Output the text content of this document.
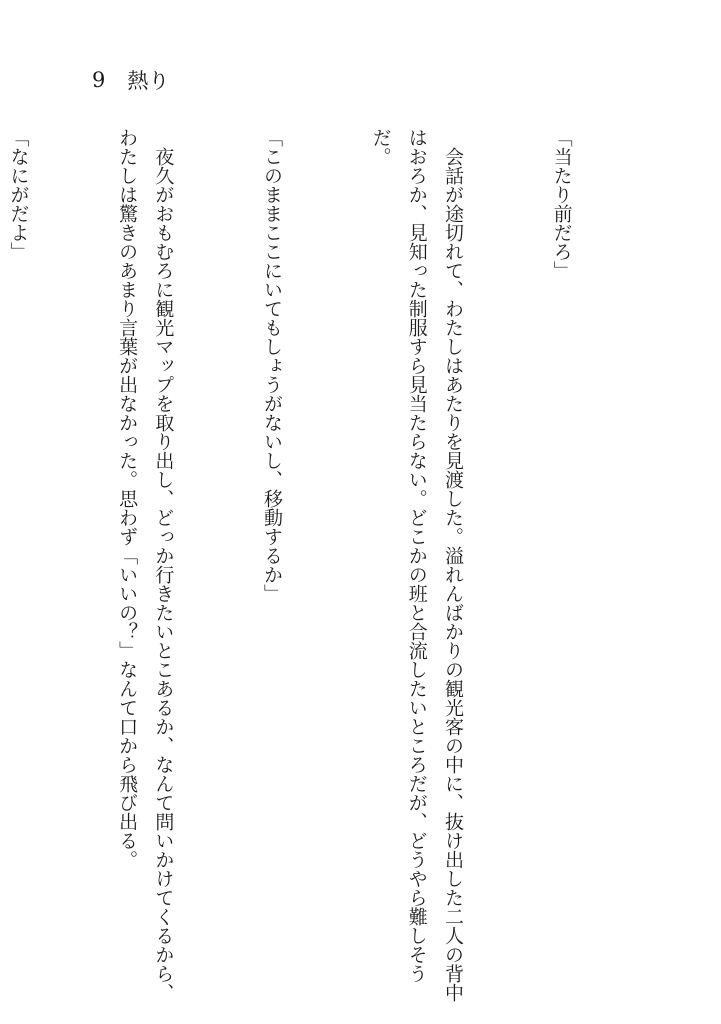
9 熱り

「当たり前だろ」

　会話が途切れて、わたしはあたりを見渡した。溢れんばかりの観光客の中に、抜け出した二人の背中はおろか、見知った制服すら見当たらない。どこかの班と合流したいところだが、どうやら難しそうだ。

「このままここにいてもしょうがないし、移動するか」

　夜久がおもむろに観光マップを取り出し、どっか行きたいとこあるか、なんて問いかけてくるから、わたしは驚きのあまり言葉が出なかった。思わず「いいの？」なんて口から飛び出る。

「なにがだよ」
